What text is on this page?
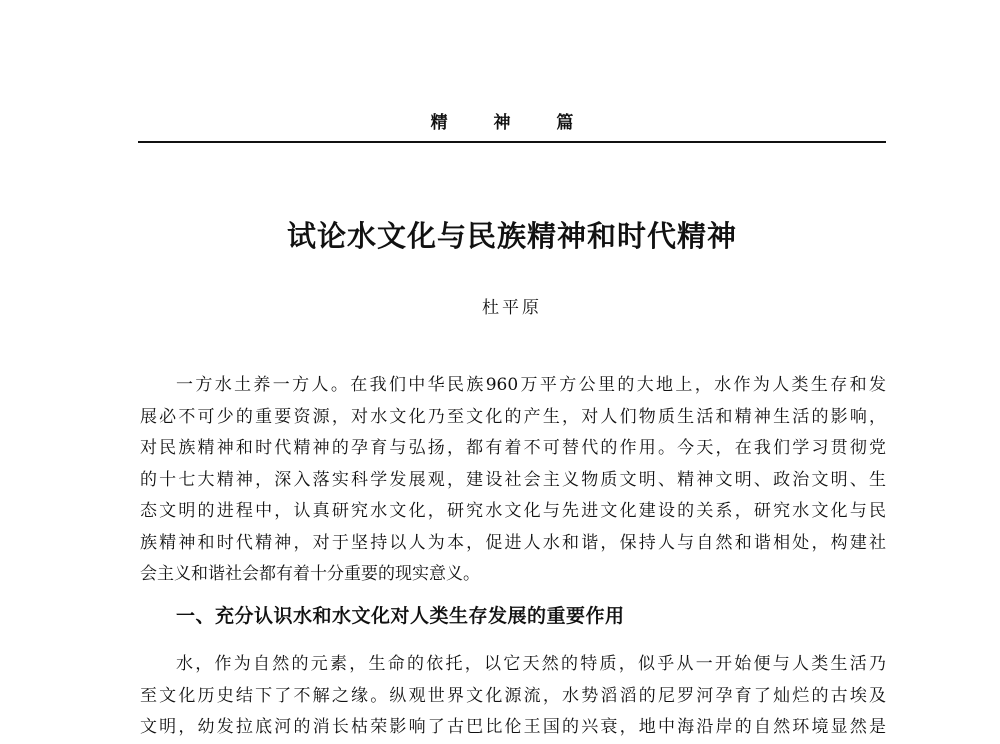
精 神 篇
试论水文化与民族精神和时代精神
杜平原
一方水土养一方人。在我们中华民族960万平方公里的大地上，水作为人类生存和发
展必不可少的重要资源，对水文化乃至文化的产生，对人们物质生活和精神生活的影响，
对民族精神和时代精神的孕育与弘扬，都有着不可替代的作用。今天，在我们学习贯彻党
的十七大精神，深入落实科学发展观，建设社会主义物质文明、精神文明、政治文明、生
态文明的进程中，认真研究水文化，研究水文化与先进文化建设的关系，研究水文化与民
族精神和时代精神，对于坚持以人为本，促进人水和谐，保持人与自然和谐相处，构建社
会主义和谐社会都有着十分重要的现实意义。
一、充分认识水和水文化对人类生存发展的重要作用
水，作为自然的元素，生命的依托，以它天然的特质，似乎从一开始便与人类生活乃
至文化历史结下了不解之缘。纵观世界文化源流，水势滔滔的尼罗河孕育了灿烂的古埃及
文明，幼发拉底河的消长枯荣影响了古巴比伦王国的兴衰，地中海沿岸的自然环境显然是
